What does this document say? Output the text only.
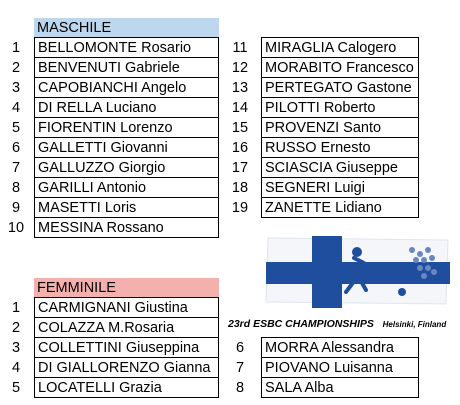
MASCHILE
1	BELLOMONTE Rosario
2	BENVENUTI Gabriele
3	CAPOBIANCHI Angelo
4	DI RELLA Luciano
5	FIORENTIN Lorenzo
6	GALLETTI Giovanni
7	GALLUZZO Giorgio
8	GARILLI Antonio
9	MASETTI Loris
10 MESSINA Rossano
11	MIRAGLIA Calogero
12	MORABITO Francesco
13	PERTEGATO Gastone
14	PILOTTI Roberto
15	PROVENZI Santo
16	RUSSO Ernesto
17	SCIASCIA Giuseppe
18	SEGNERI Luigi
19	ZANETTE Lidiano
FEMMINILE
1	CARMIGNANI Giustina
2	COLAZZA M.Rosaria
3	COLLETTINI Giuseppina
4	DI GIALLORENZO Gianna
5	LOCATELLI Grazia
6	MORRA Alessandra
7	PIOVANO Luisanna
8	SALA Alba
23rd ESBC CHAMPIONSHIPS Helsinki, Finland
